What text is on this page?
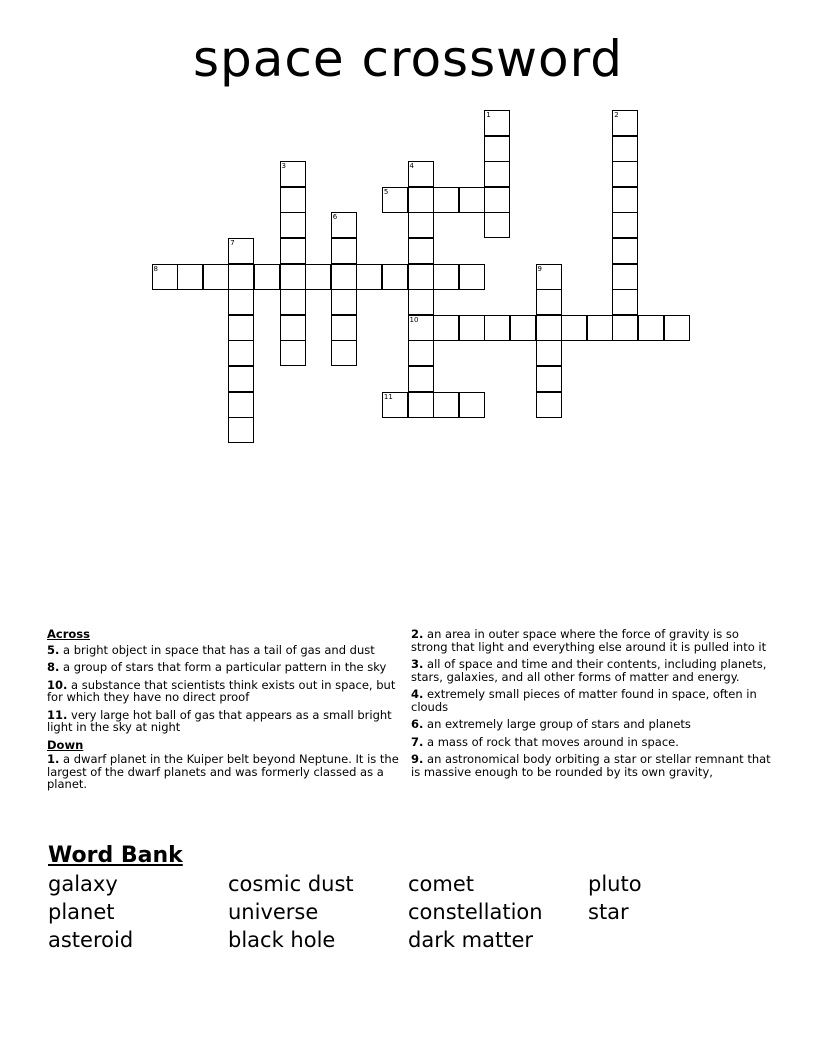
space crossword
1	2
3	4
10
5
6
7
8	9
11
Across
5. a bright object in space that has a tail of gas and dust
8. a group of stars that form a particular pattern in the sky
10. a substance that scientists think exists out in space, but for which they have no direct proof
11. very large hot ball of gas that appears as a small bright light in the sky at night
Down
1. a dwarf planet in the Kuiper belt beyond Neptune. It is the largest of the dwarf planets and was formerly classed as a planet.
2. an area in outer space where the force of gravity is so strong that light and everything else around it is pulled into it
3. all of space and time and their contents, including planets, stars, galaxies, and all other forms of matter and energy.
4. extremely small pieces of matter found in space, often in clouds
6. an extremely large group of stars and planets
7. a mass of rock that moves around in space.
9. an astronomical body orbiting a star or stellar remnant that is massive enough to be rounded by its own gravity,
Word Bank
galaxy	cosmic dust	comet	pluto
planet	universe	constellation	star
asteroid	black hole	dark matter
